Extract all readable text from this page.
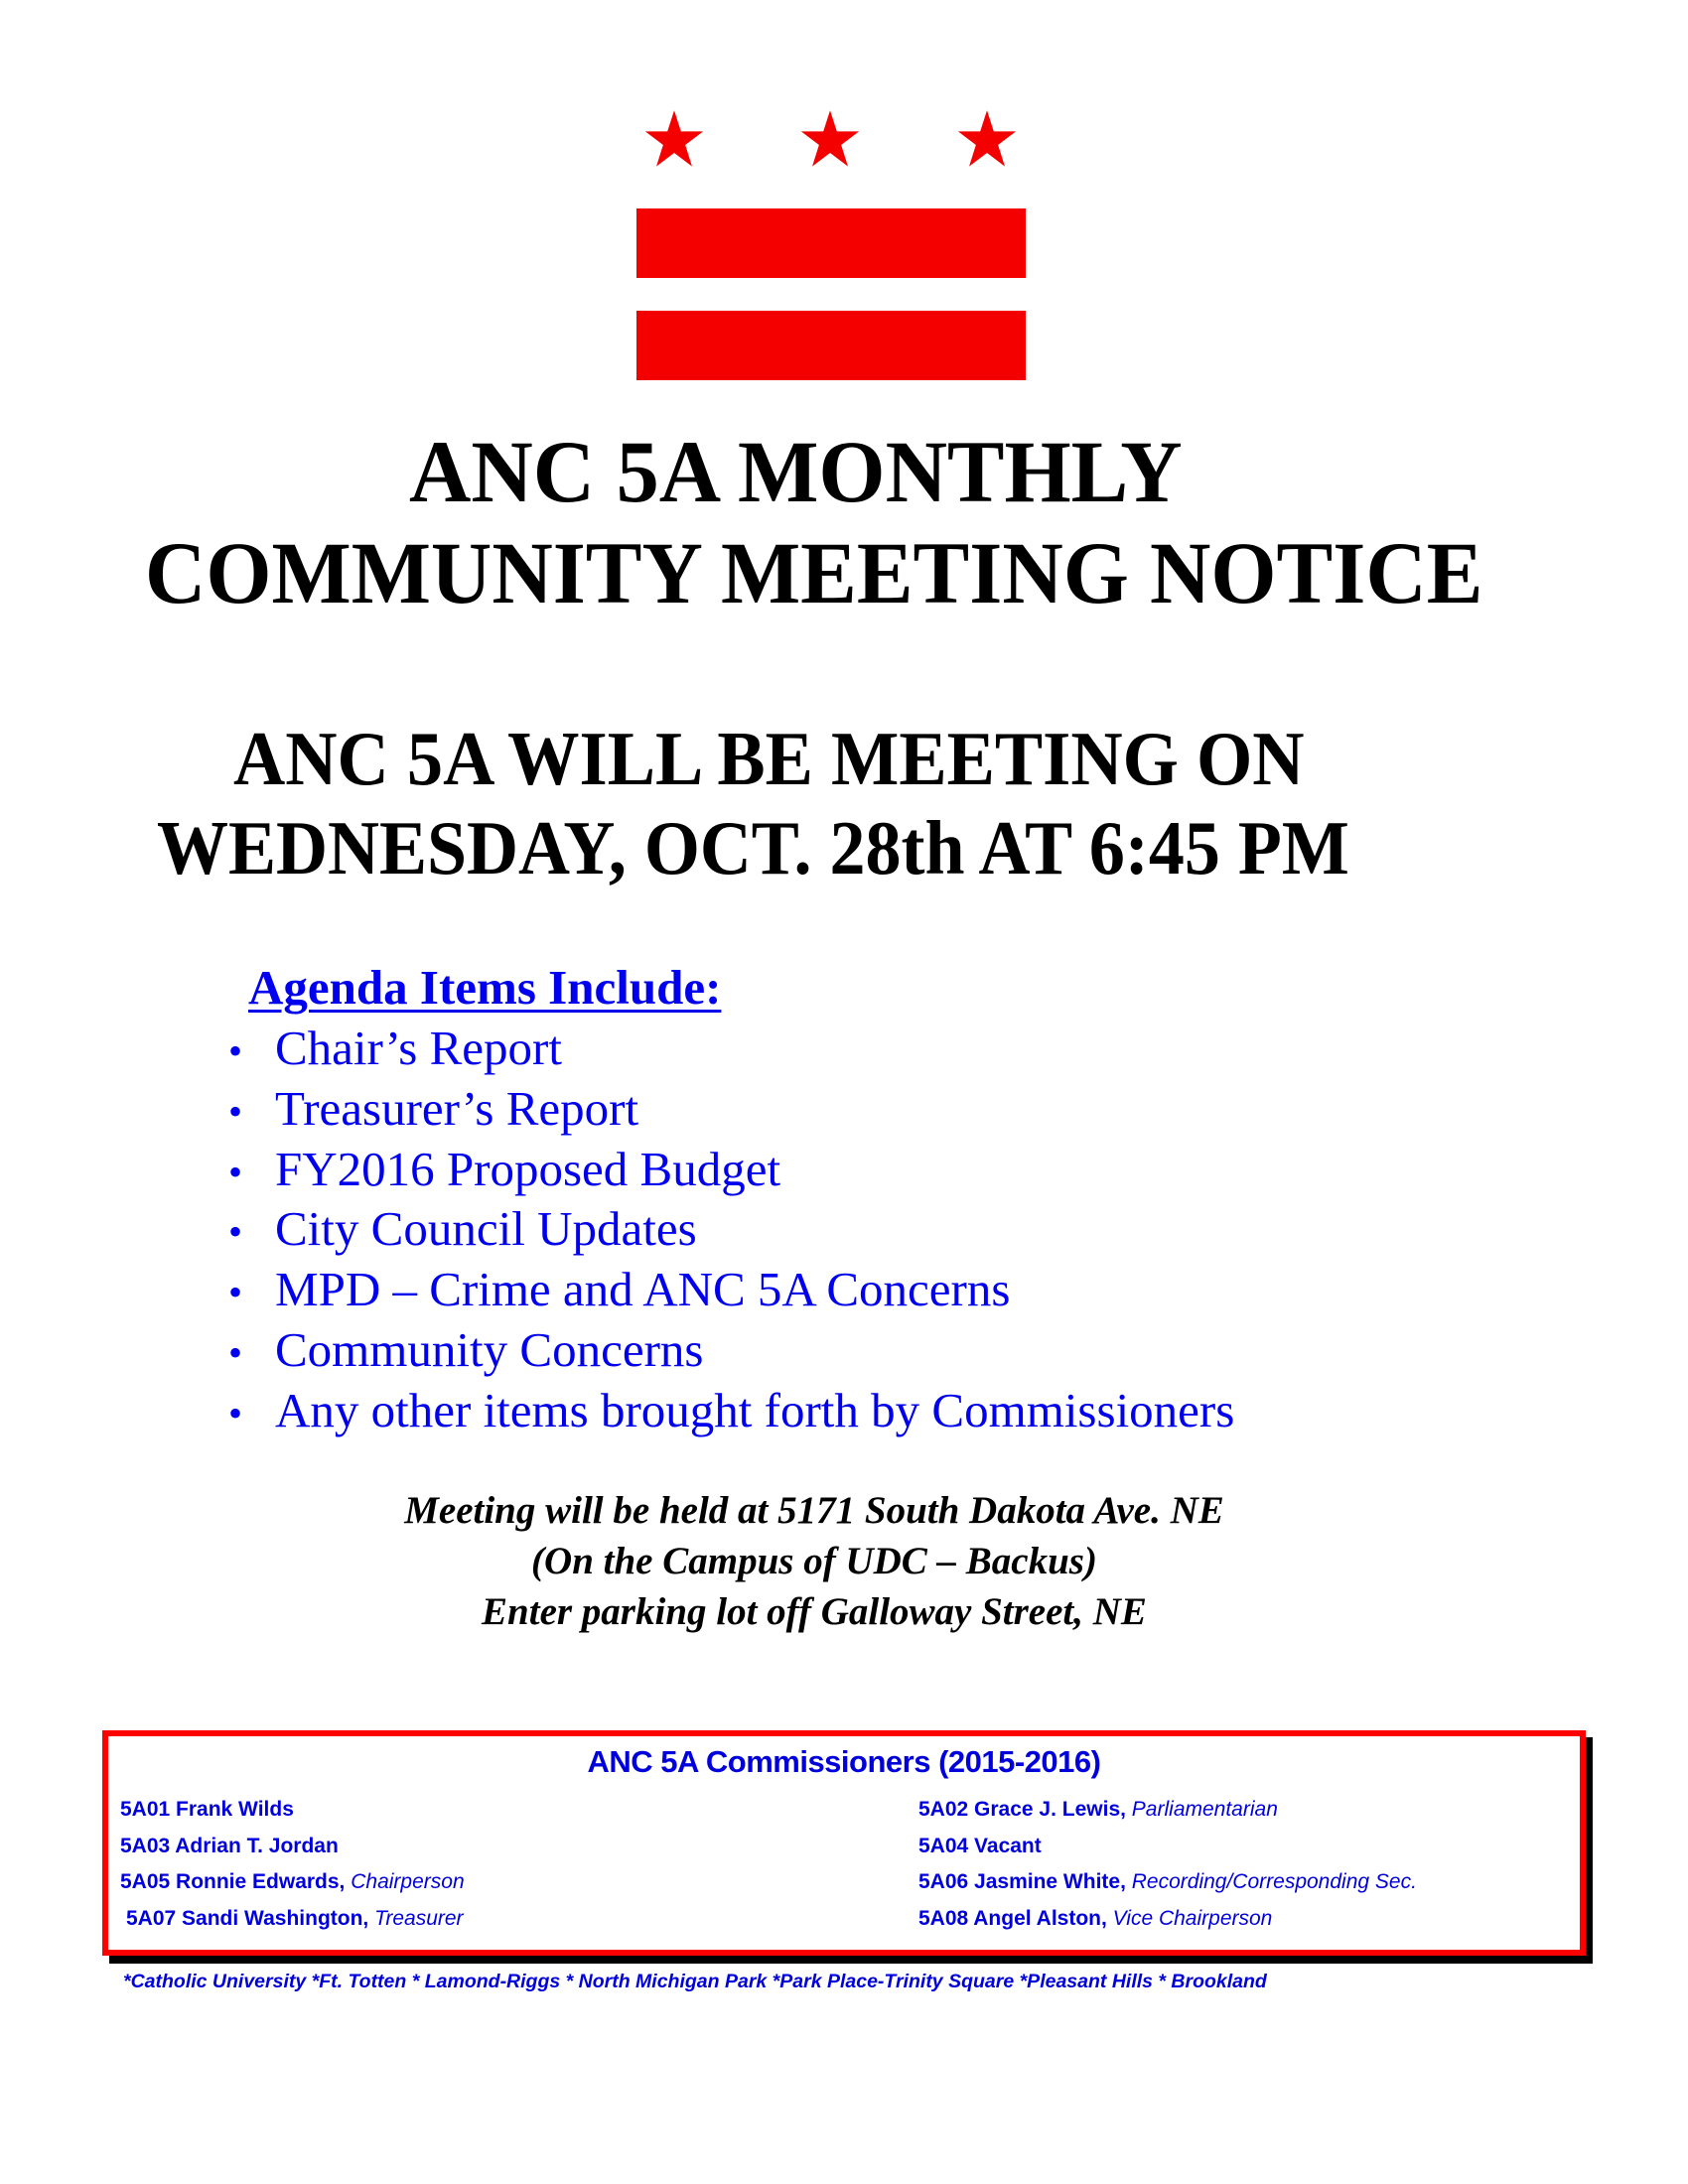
ANC 5A MONTHLY
COMMUNITY MEETING NOTICE
ANC 5A WILL BE MEETING ON
WEDNESDAY, OCT. 28th AT 6:45 PM
Agenda Items Include:
• Chair’s Report
• Treasurer’s Report
• FY2016 Proposed Budget
• City Council Updates
• MPD – Crime and ANC 5A Concerns
• Community Concerns
• Any other items brought forth by Commissioners
Meeting will be held at 5171 South Dakota Ave. NE
(On the Campus of UDC – Backus)
Enter parking lot off Galloway Street, NE
ANC 5A Commissioners (2015-2016)
5A01 Frank Wilds
5A03 Adrian T. Jordan
5A05 Ronnie Edwards, Chairperson
5A07 Sandi Washington, Treasurer
5A02 Grace J. Lewis, Parliamentarian
5A04 Vacant
5A06 Jasmine White, Recording/Corresponding Sec.
5A08 Angel Alston, Vice Chairperson
*Catholic University *Ft. Totten * Lamond-Riggs * North Michigan Park *Park Place-Trinity Square *Pleasant Hills * Brookland
